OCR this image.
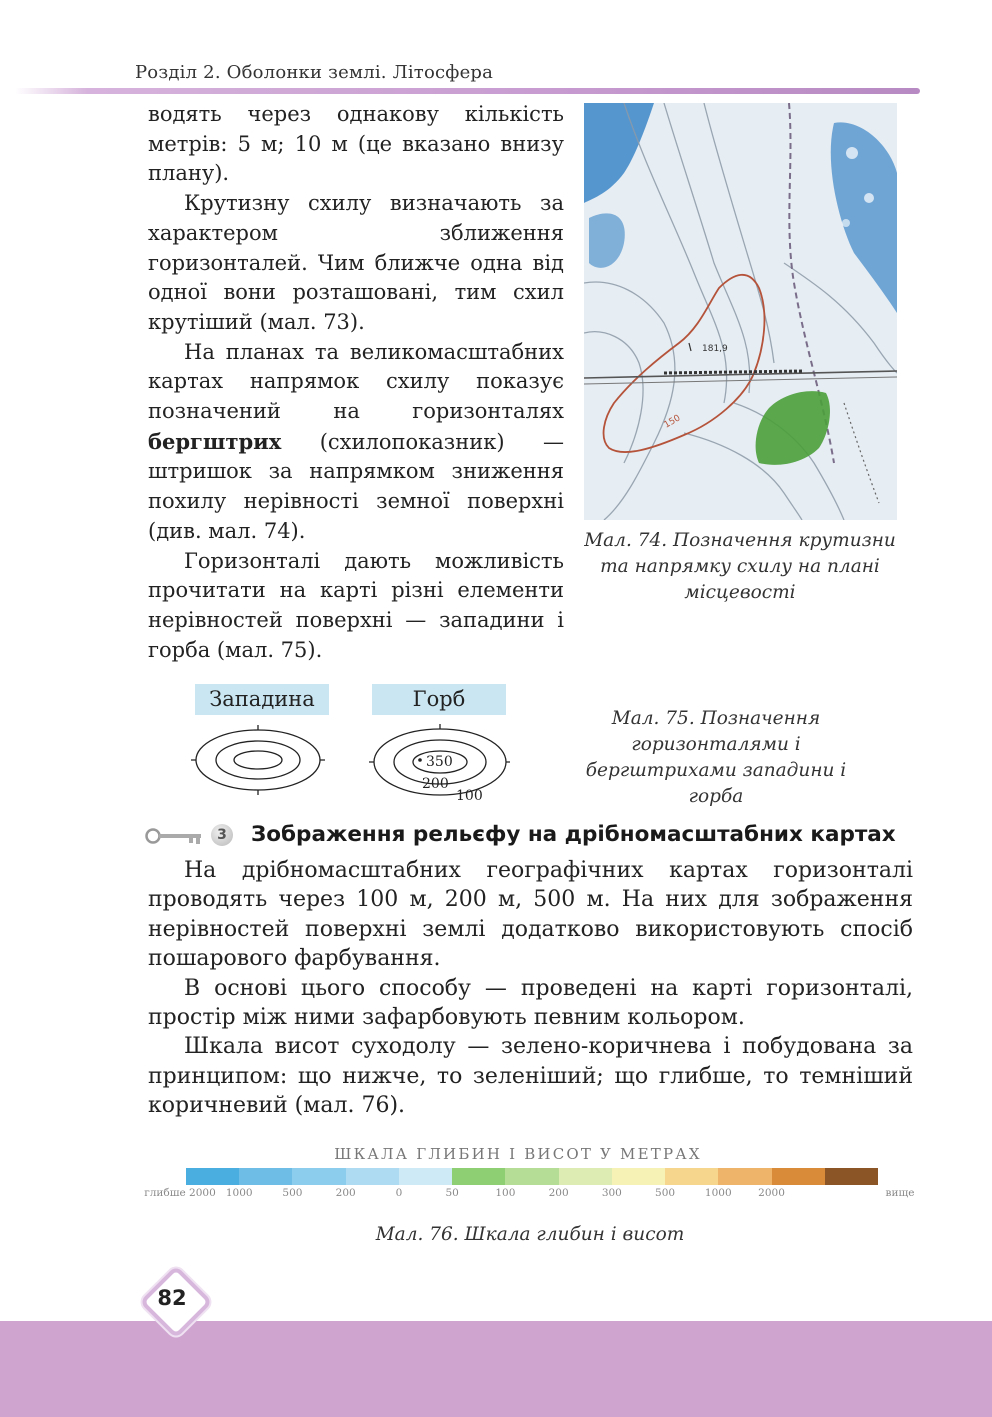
Розділ 2. Оболонки землі. Літосфера

водять через однакову кількість метрів: 5 м; 10 м (це вказано внизу плану).

Крутизну схилу визначають за характером зближення горизонталей. Чим ближче одна від одної вони розташовані, тим схил крутіший (мал. 73).

На планах та великомасштабних картах напрямок схилу показує позначений на горизонталях бергштрих (схилопоказник) — штришок за напрямком зниження похилу нерівності земної поверхні (див. мал. 74).

Горизонталі дають можливість прочитати на карті різні елементи нерівностей поверхні — западини і горба (мал. 75).

181,9
150

Мал. 74. Позначення крутизни та напрямку схилу на плані місцевості

Западина	Горб
350
200
100

Мал. 75. Позначення горизонталями і бергштрихами западини і горба

3 Зображення рельєфу на дрібномасштабних картах

На дрібномасштабних географічних картах горизонталі проводять через 100 м, 200 м, 500 м. На них для зображення нерівностей поверхні землі додатково використовують спосіб пошарового фарбування.

В основі цього способу — проведені на карті горизонталі, простір між ними зафарбовують певним кольором.

Шкала висот суходолу — зелено-коричнева і побудована за принципом: що нижче, то зеленіший; що глибше, то темніший коричневий (мал. 76).

ШКАЛА ГЛИБИН І ВИСОТ У МЕТРАХ
глибше 2000 1000	500	200	0	50	100	200	300	500	1000	2000	вище

Мал. 76. Шкала глибин і висот

82
